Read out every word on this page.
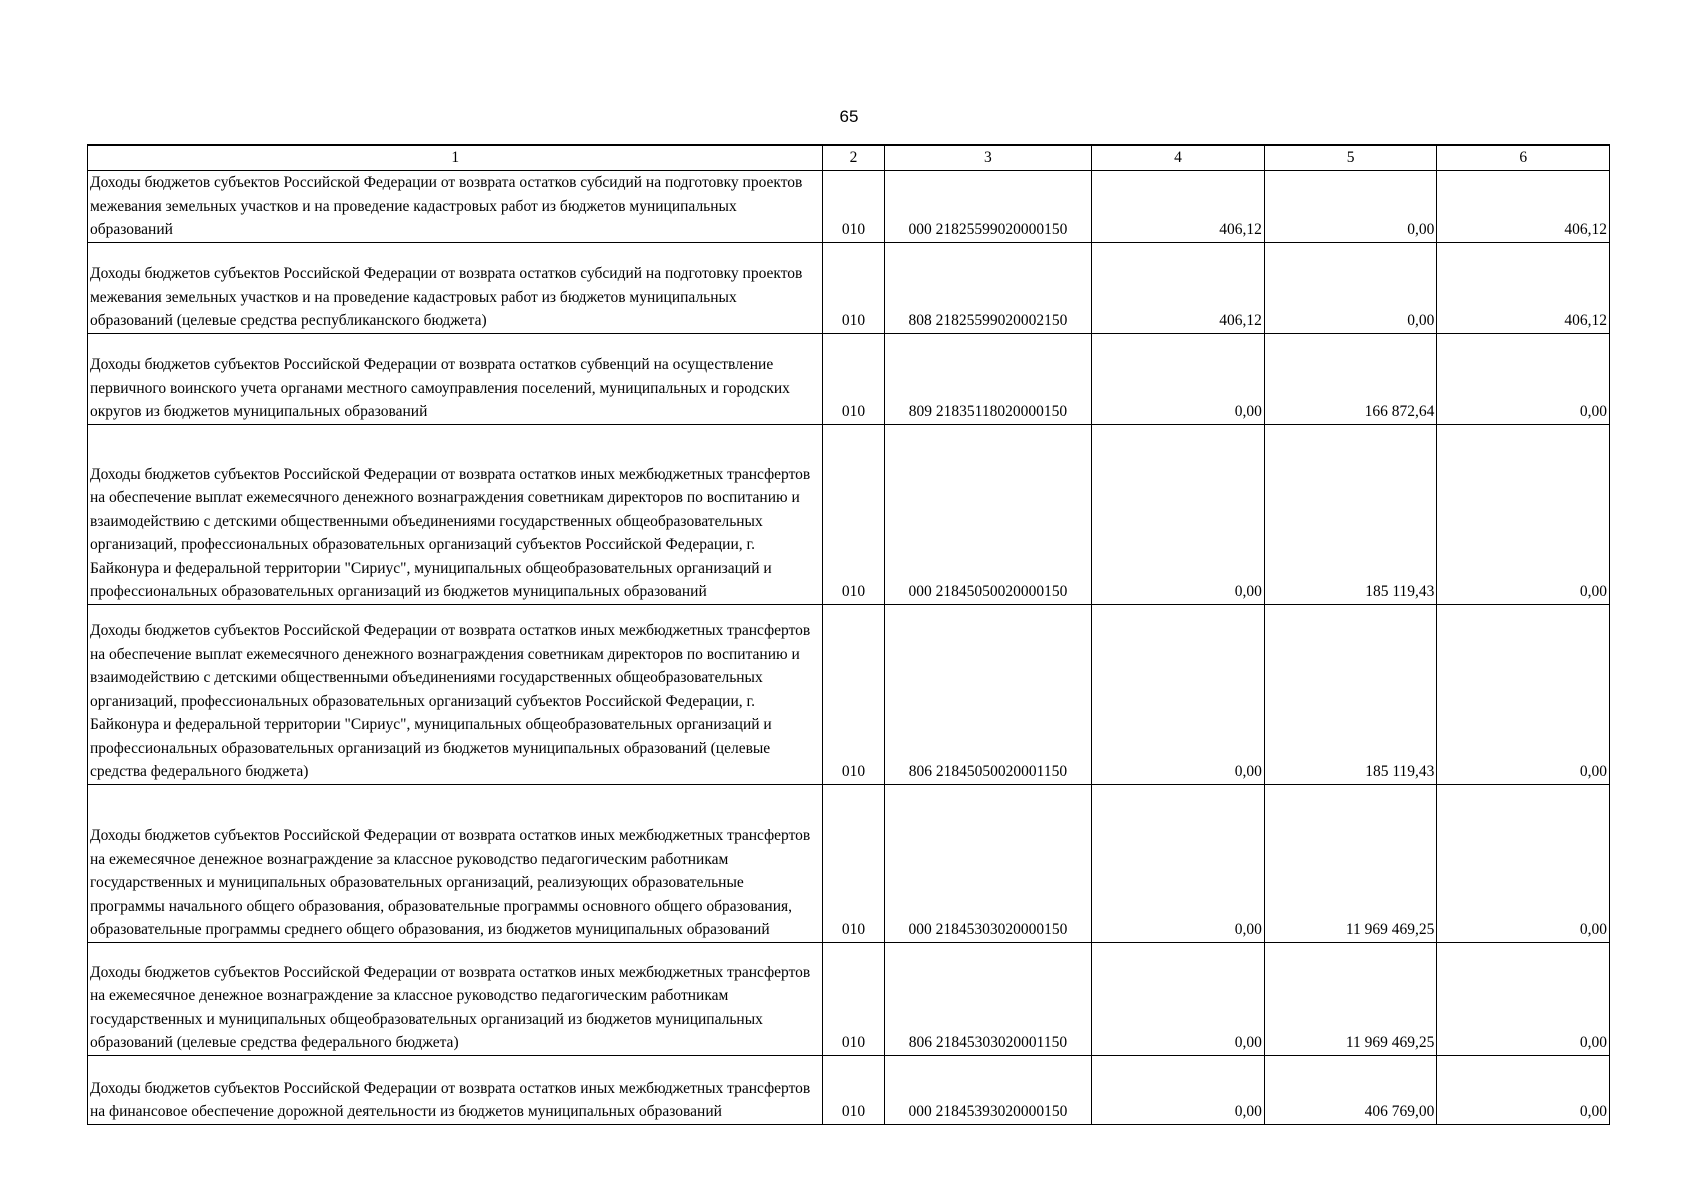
65
1	2	3	4	5	6

Доходы бюджетов субъектов Российской Федерации от возврата остатков субсидий на подготовку проектов межевания земельных участков и на проведение кадастровых работ из бюджетов муниципальных образований	010	000 21825599020000150	406,12	0,00	406,12

Доходы бюджетов субъектов Российской Федерации от возврата остатков субсидий на подготовку проектов межевания земельных участков и на проведение кадастровых работ из бюджетов муниципальных образований (целевые средства республиканского бюджета)	010	808 21825599020002150	406,12	0,00	406,12

Доходы бюджетов субъектов Российской Федерации от возврата остатков субвенций на осуществление первичного воинского учета органами местного самоуправления поселений, муниципальных и городских округов из бюджетов муниципальных образований	010	809 21835118020000150	0,00	166 872,64	0,00

Доходы бюджетов субъектов Российской Федерации от возврата остатков иных межбюджетных трансфертов на обеспечение выплат ежемесячного денежного вознаграждения советникам директоров по воспитанию и взаимодействию с детскими общественными объединениями государственных общеобразовательных организаций, профессиональных образовательных организаций субъектов Российской Федерации, г. Байконура и федеральной территории "Сириус", муниципальных общеобразовательных организаций и профессиональных образовательных организаций из бюджетов муниципальных образований	010	000 21845050020000150	0,00	185 119,43	0,00

Доходы бюджетов субъектов Российской Федерации от возврата остатков иных межбюджетных трансфертов на обеспечение выплат ежемесячного денежного вознаграждения советникам директоров по воспитанию и взаимодействию с детскими общественными объединениями государственных общеобразовательных организаций, профессиональных образовательных организаций субъектов Российской Федерации, г. Байконура и федеральной территории "Сириус", муниципальных общеобразовательных организаций и профессиональных образовательных организаций из бюджетов муниципальных образований (целевые средства федерального бюджета)	010	806 21845050020001150	0,00	185 119,43	0,00

Доходы бюджетов субъектов Российской Федерации от возврата остатков иных межбюджетных трансфертов на ежемесячное денежное вознаграждение за классное руководство педагогическим работникам государственных и муниципальных образовательных организаций, реализующих образовательные программы начального общего образования, образовательные программы основного общего образования, образовательные программы среднего общего образования, из бюджетов муниципальных образований	010	000 21845303020000150	0,00	11 969 469,25	0,00

Доходы бюджетов субъектов Российской Федерации от возврата остатков иных межбюджетных трансфертов на ежемесячное денежное вознаграждение за классное руководство педагогическим работникам государственных и муниципальных общеобразовательных организаций из бюджетов муниципальных образований (целевые средства федерального бюджета)	010	806 21845303020001150	0,00	11 969 469,25	0,00

Доходы бюджетов субъектов Российской Федерации от возврата остатков иных межбюджетных трансфертов на финансовое обеспечение дорожной деятельности из бюджетов муниципальных образований	010	000 21845393020000150	0,00	406 769,00	0,00
